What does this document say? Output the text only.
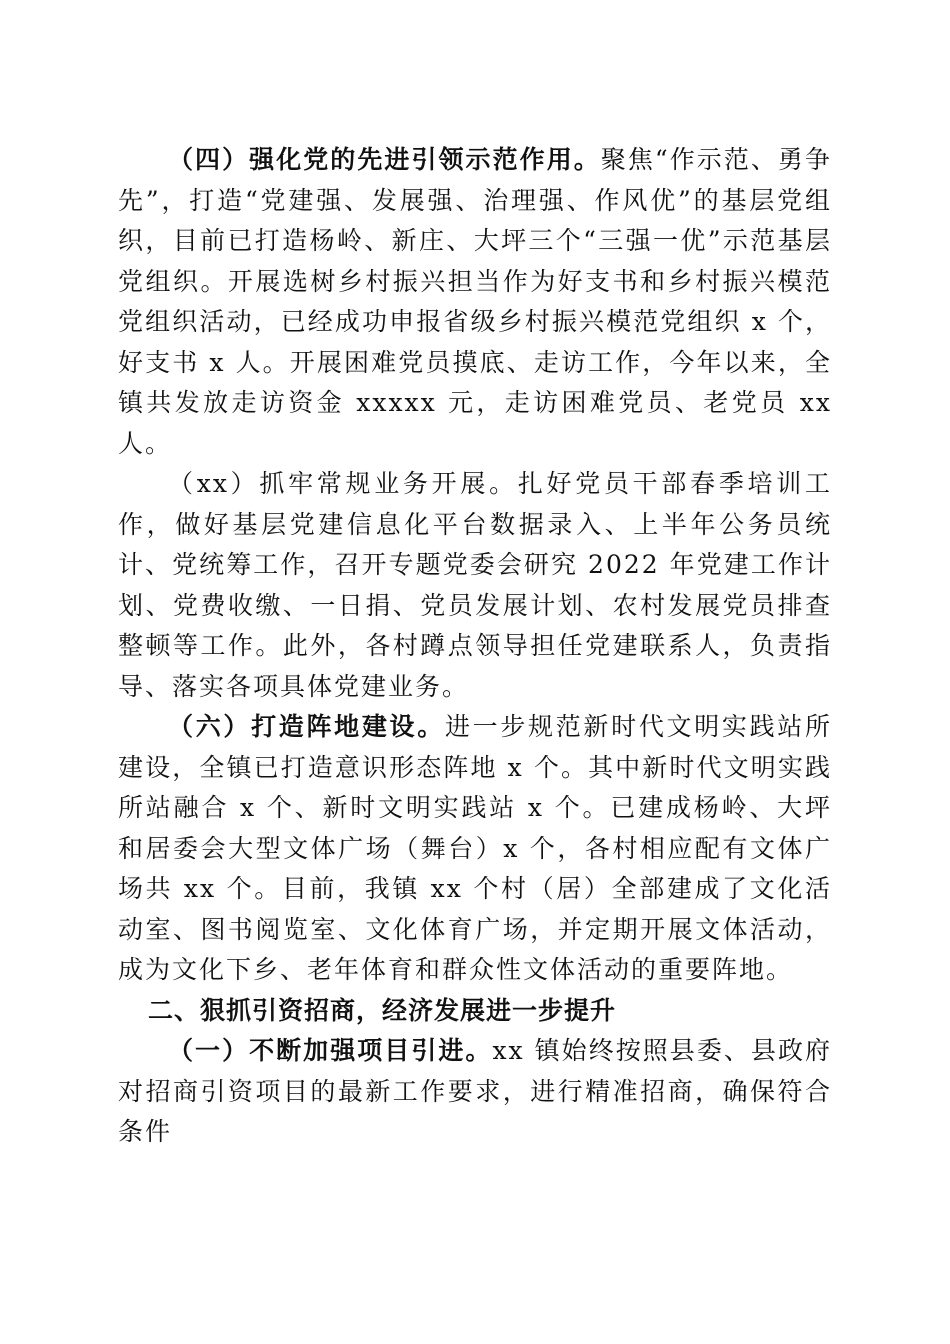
（四）强化党的先进引领示范作用。聚焦“作示范、勇争先”，打造“党建强、发展强、治理强、作风优”的基层党组织，目前已打造杨岭、新庄、大坪三个“三强一优”示范基层党组织。开展选树乡村振兴担当作为好支书和乡村振兴模范党组织活动，已经成功申报省级乡村振兴模范党组织 x 个，好支书 x 人。开展困难党员摸底、走访工作，今年以来，全镇共发放走访资金 xxxxx 元，走访困难党员、老党员 xx 人。

（xx）抓牢常规业务开展。扎好党员干部春季培训工作，做好基层党建信息化平台数据录入、上半年公务员统计、党统筹工作，召开专题党委会研究 2022 年党建工作计划、党费收缴、一日捐、党员发展计划、农村发展党员排查整顿等工作。此外，各村蹲点领导担任党建联系人，负责指导、落实各项具体党建业务。

（六）打造阵地建设。进一步规范新时代文明实践站所建设，全镇已打造意识形态阵地 x 个。其中新时代文明实践所站融合 x 个、新时文明实践站 x 个。已建成杨岭、大坪和居委会大型文体广场（舞台）x 个，各村相应配有文体广场共 xx 个。目前，我镇 xx 个村（居）全部建成了文化活动室、图书阅览室、文化体育广场，并定期开展文体活动，成为文化下乡、老年体育和群众性文体活动的重要阵地。

二、狠抓引资招商，经济发展进一步提升

（一）不断加强项目引进。xx 镇始终按照县委、县政府对招商引资项目的最新工作要求，进行精准招商，确保符合条件
